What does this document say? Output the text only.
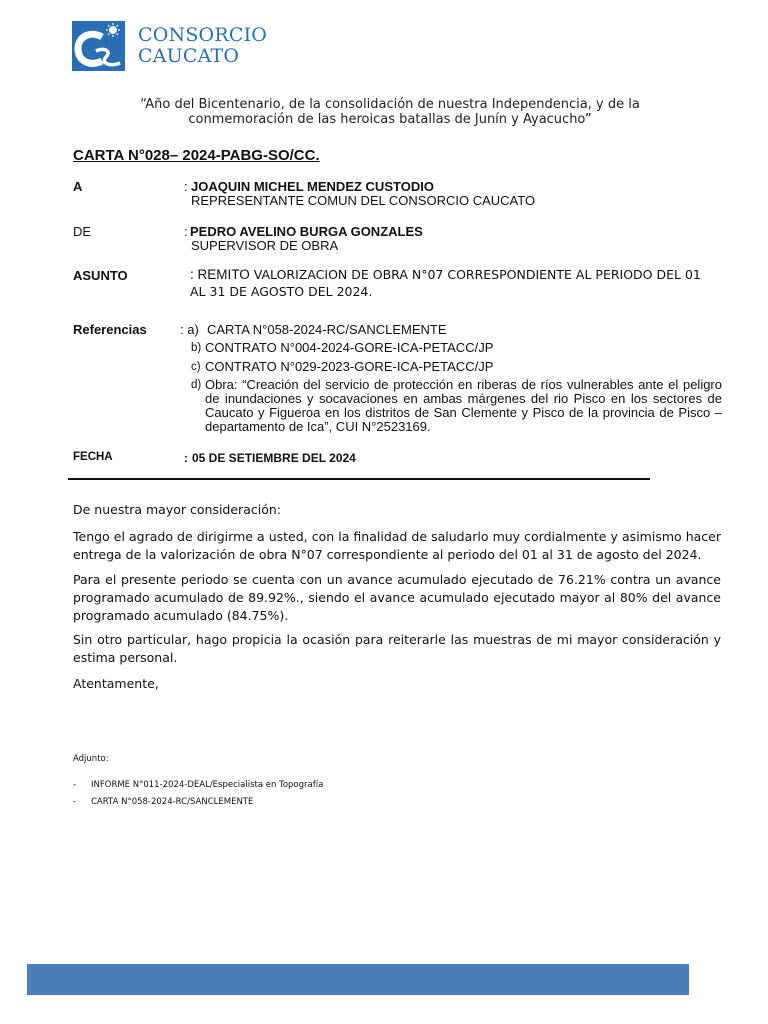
CONSORCIO
CAUCATO
“Año del Bicentenario, de la consolidación de nuestra Independencia, y de la
conmemoración de las heroicas batallas de Junín y Ayacucho”
CARTA N°028– 2024-PABG-SO/CC.
A	: JOAQUIN MICHEL MENDEZ CUSTODIO
REPRESENTANTE COMUN DEL CONSORCIO CAUCATO
DE	: PEDRO AVELINO BURGA GONZALES
SUPERVISOR DE OBRA
ASUNTO	: REMITO VALORIZACION DE OBRA N°07 CORRESPONDIENTE AL PERIODO DEL 01
AL 31 DE AGOSTO DEL 2024.
Referencias	: a) CARTA N°058-2024-RC/SANCLEMENTE
b) CONTRATO N°004-2024-GORE-ICA-PETACC/JP
c) CONTRATO N°029-2023-GORE-ICA-PETACC/JP
d) Obra: “Creación del servicio de protección en riberas de ríos vulnerables ante el peligro de inundaciones y socavaciones en ambas márgenes del rio Pisco en los sectores de Caucato y Figueroa en los distritos de San Clemente y Pisco de la provincia de Pisco – departamento de Ica”, CUI N°2523169.
FECHA	: 05 DE SETIEMBRE DEL 2024
De nuestra mayor consideración:
Tengo el agrado de dirigirme a usted, con la finalidad de saludarlo muy cordialmente y asimismo hacer entrega de la valorización de obra N°07 correspondiente al periodo del 01 al 31 de agosto del 2024.
Para el presente periodo se cuenta con un avance acumulado ejecutado de 76.21% contra un avance programado acumulado de 89.92%., siendo el avance acumulado ejecutado mayor al 80% del avance programado acumulado (84.75%).
Sin otro particular, hago propicia la ocasión para reiterarle las muestras de mi mayor consideración y estima personal.
Atentamente,
Adjunto:
- INFORME N°011-2024-DEAL/Especialista en Topografía
- CARTA N°058-2024-RC/SANCLEMENTE
